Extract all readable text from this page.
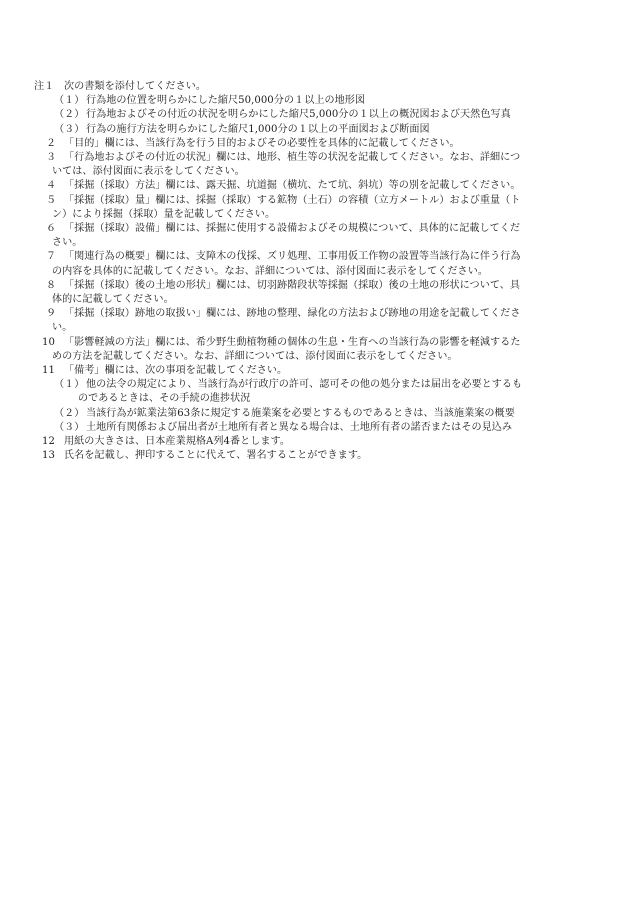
注１ 次の書類を添付してください。
（１） 行為地の位置を明らかにした縮尺50,000分の１以上の地形図
（２） 行為地およびその付近の状況を明らかにした縮尺5,000分の１以上の概況図および天然色写真
（３） 行為の施行方法を明らかにした縮尺1,000分の１以上の平面図および断面図
２ 「目的」欄には、当該行為を行う目的およびその必要性を具体的に記載してください。
３ 「行為地およびその付近の状況」欄には、地形、植生等の状況を記載してください。なお、詳細につ
いては、添付図面に表示をしてください。
４ 「採掘（採取）方法」欄には、露天掘、坑道掘（横坑、たて坑、斜坑）等の別を記載してください。
５ 「採掘（採取）量」欄には、採掘（採取）する鉱物（土石）の容積（立方メートル）および重量（ト
ン）により採掘（採取）量を記載してください。
６ 「採掘（採取）設備」欄には、採掘に使用する設備およびその規模について、具体的に記載してくだ
さい。
７ 「関連行為の概要」欄には、支障木の伐採、ズリ処理、工事用仮工作物の設置等当該行為に伴う行為
の内容を具体的に記載してください。なお、詳細については、添付図面に表示をしてください。
８ 「採掘（採取）後の土地の形状」欄には、切羽跡階段状等採掘（採取）後の土地の形状について、具
体的に記載してください。
９ 「採掘（採取）跡地の取扱い」欄には、跡地の整理、緑化の方法および跡地の用途を記載してくださ
い。
10 「影響軽減の方法」欄には、希少野生動植物種の個体の生息・生育への当該行為の影響を軽減するた
めの方法を記載してください。なお、詳細については、添付図面に表示をしてください。
11 「備考」欄には、次の事項を記載してください。
（１） 他の法令の規定により、当該行為が行政庁の許可、認可その他の処分または届出を必要とするも
のであるときは、その手続の進捗状況
（２） 当該行為が鉱業法第63条に規定する施業案を必要とするものであるときは、当該施業案の概要
（３） 土地所有関係および届出者が土地所有者と異なる場合は、土地所有者の諾否またはその見込み
12 用紙の大きさは、日本産業規格A列4番とします。
13 氏名を記載し、押印することに代えて、署名することができます。
